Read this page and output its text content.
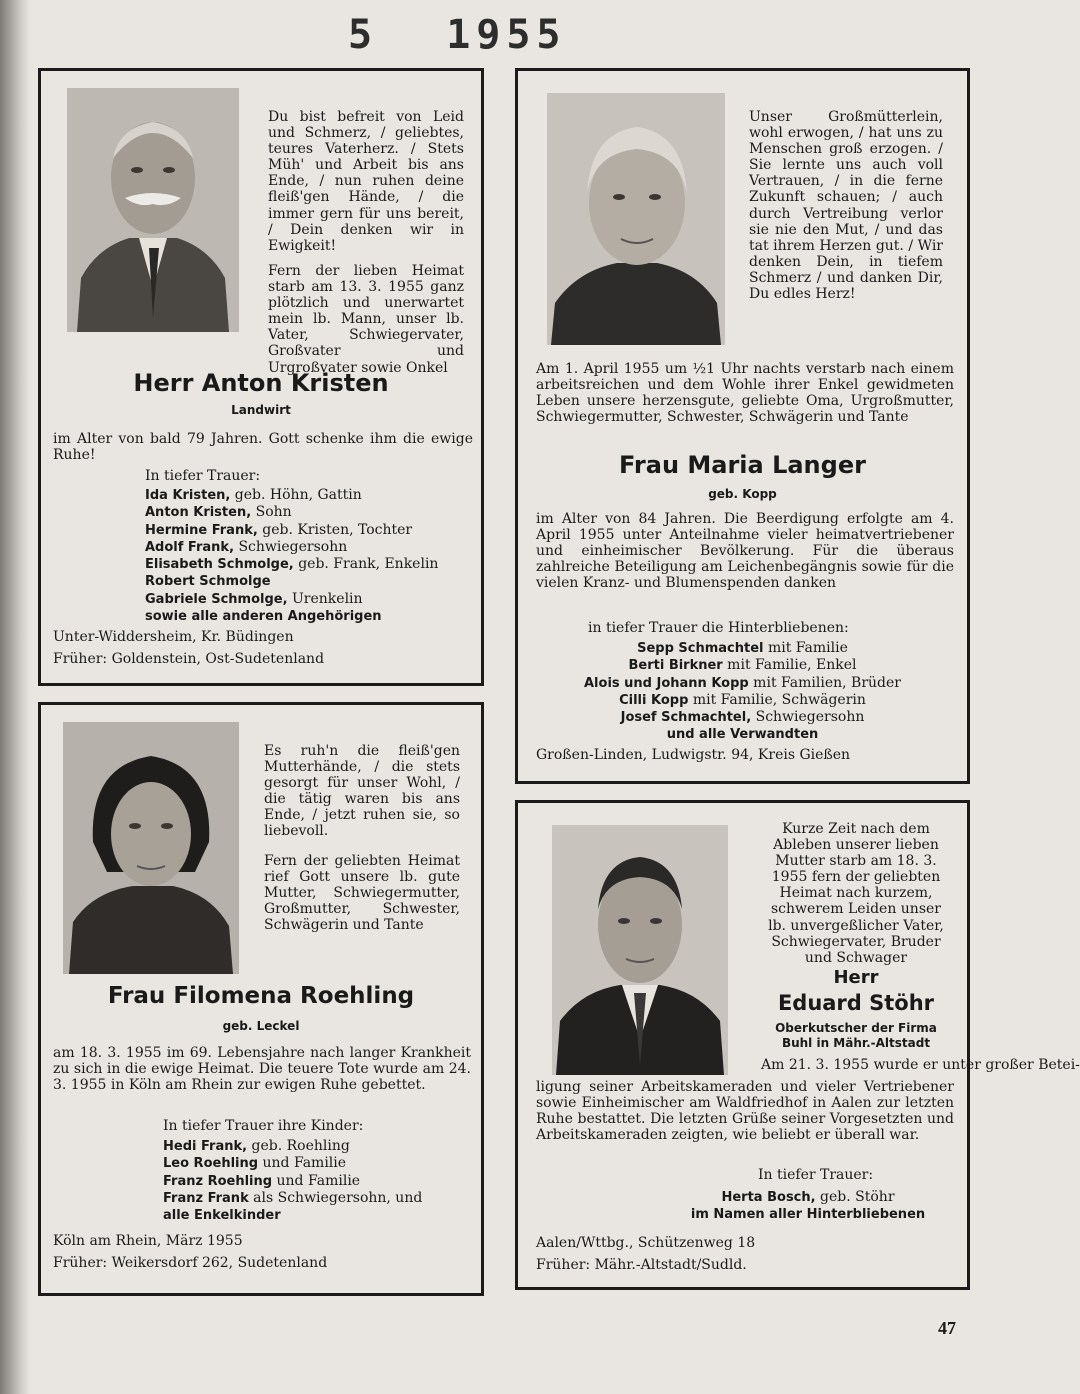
5 1955

Du bist befreit von Leid und Schmerz, / geliebtes, teures Vaterherz. / Stets Müh' und Arbeit bis ans Ende, / nun ruhen deine fleiß'gen Hände, / die immer gern für uns bereit, / Dein denken wir in Ewigkeit!

Fern der lieben Heimat starb am 13. 3. 1955 ganz plötzlich und unerwartet mein lb. Mann, unser lb. Vater, Schwiegervater, Großvater und Urgroßvater sowie Onkel

Herr Anton Kristen
Landwirt

im Alter von bald 79 Jahren. Gott schenke ihm die ewige Ruhe!

In tiefer Trauer:
Ida Kristen, geb. Höhn, Gattin
Anton Kristen, Sohn
Hermine Frank, geb. Kristen, Tochter
Adolf Frank, Schwiegersohn
Elisabeth Schmolge, geb. Frank, Enkelin
Robert Schmolge
Gabriele Schmolge, Urenkelin
sowie alle anderen Angehörigen
Unter-Widdersheim, Kr. Büdingen
Früher: Goldenstein, Ost-Sudetenland

Unser Großmütterlein, wohl erwogen, / hat uns zu Menschen groß erzogen. / Sie lernte uns auch voll Vertrauen, / in die ferne Zukunft schauen; / auch durch Vertreibung verlor sie nie den Mut, / und das tat ihrem Herzen gut. / Wir denken Dein, in tiefem Schmerz / und danken Dir, Du edles Herz!

Am 1. April 1955 um ½1 Uhr nachts verstarb nach einem arbeitsreichen und dem Wohle ihrer Enkel gewidmeten Leben unsere herzensgute, geliebte Oma, Urgroßmutter, Schwiegermutter, Schwester, Schwägerin und Tante

Frau Maria Langer
geb. Kopp

im Alter von 84 Jahren. Die Beerdigung erfolgte am 4. April 1955 unter Anteilnahme vieler heimatvertriebener und einheimischer Bevölkerung. Für die überaus zahlreiche Beteiligung am Leichenbegängnis sowie für die vielen Kranz- und Blumenspenden danken

in tiefer Trauer die Hinterbliebenen:
Sepp Schmachtel mit Familie
Berti Birkner mit Familie, Enkel
Alois und Johann Kopp mit Familien, Brüder
Cilli Kopp mit Familie, Schwägerin
Josef Schmachtel, Schwiegersohn
und alle Verwandten
Großen-Linden, Ludwigstr. 94, Kreis Gießen

Es ruh'n die fleiß'gen Mutterhände, / die stets gesorgt für unser Wohl, / die tätig waren bis ans Ende, / jetzt ruhen sie, so liebevoll.

Fern der geliebten Heimat rief Gott unsere lb. gute Mutter, Schwiegermutter, Großmutter, Schwester, Schwägerin und Tante

Frau Filomena Roehling
geb. Leckel

am 18. 3. 1955 im 69. Lebensjahre nach langer Krankheit zu sich in die ewige Heimat. Die teuere Tote wurde am 24. 3. 1955 in Köln am Rhein zur ewigen Ruhe gebettet.

In tiefer Trauer ihre Kinder:
Hedi Frank, geb. Roehling
Leo Roehling und Familie
Franz Roehling und Familie
Franz Frank als Schwiegersohn, und
alle Enkelkinder
Köln am Rhein, März 1955
Früher: Weikersdorf 262, Sudetenland

Kurze Zeit nach dem Ableben unserer lieben Mutter starb am 18. 3. 1955 fern der geliebten Heimat nach kurzem, schwerem Leiden unser lb. unvergeßlicher Vater, Schwiegervater, Bruder und Schwager

Herr
Eduard Stöhr
Oberkutscher der Firma Buhl in Mähr.-Altstadt
Am 21. 3. 1955 wurde er unter großer Betei-

ligung seiner Arbeitskameraden und vieler Vertriebener sowie Einheimischer am Waldfriedhof in Aalen zur letzten Ruhe bestattet. Die letzten Grüße seiner Vorgesetzten und Arbeitskameraden zeigten, wie beliebt er überall war.

In tiefer Trauer:
Herta Bosch, geb. Stöhr
im Namen aller Hinterbliebenen
Aalen/Wttbg., Schützenweg 18
Früher: Mähr.-Altstadt/Sudld.
47
